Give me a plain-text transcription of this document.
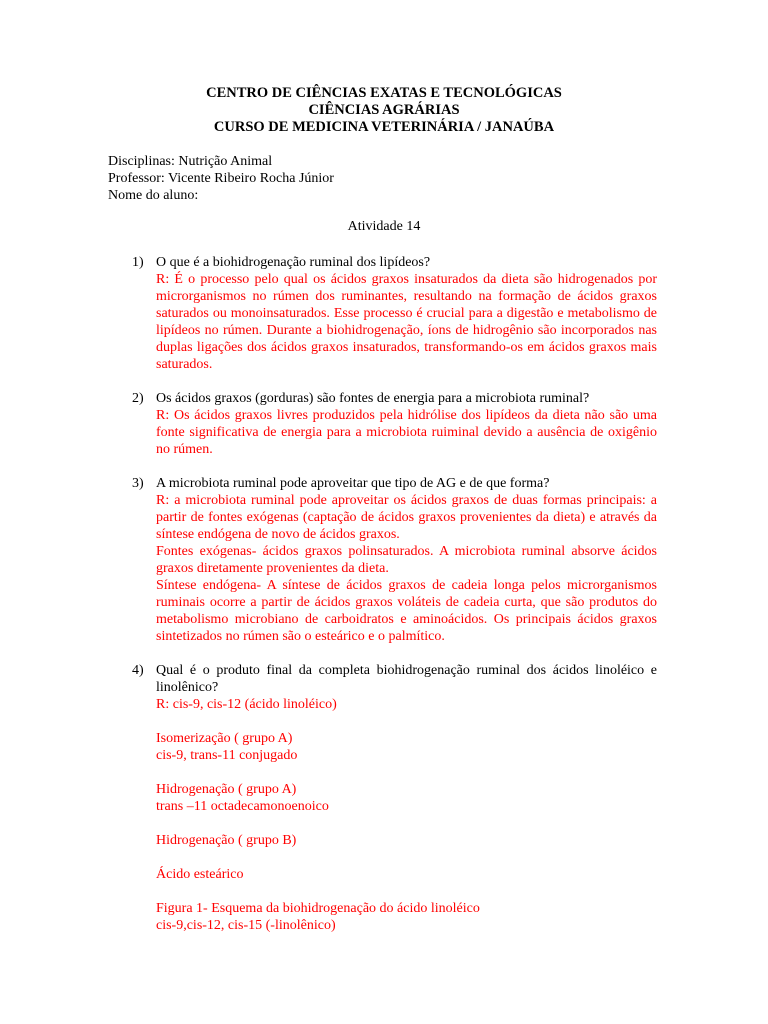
CENTRO DE CIÊNCIAS EXATAS E TECNOLÓGICAS
CIÊNCIAS AGRÁRIAS
CURSO DE MEDICINA VETERINÁRIA / JANAÚBA
Disciplinas: Nutrição Animal
Professor: Vicente Ribeiro Rocha Júnior
Nome do aluno:
Atividade 14
1) O que é a biohidrogenação ruminal dos lipídeos?
R: É o processo pelo qual os ácidos graxos insaturados da dieta são hidrogenados por microrganismos no rúmen dos ruminantes, resultando na formação de ácidos graxos saturados ou monoinsaturados. Esse processo é crucial para a digestão e metabolismo de lipídeos no rúmen. Durante a biohidrogenação, íons de hidrogênio são incorporados nas duplas ligações dos ácidos graxos insaturados, transformando-os em ácidos graxos mais saturados.
2) Os ácidos graxos (gorduras) são fontes de energia para a microbiota ruminal?
R: Os ácidos graxos livres produzidos pela hidrólise dos lipídeos da dieta não são uma fonte significativa de energia para a microbiota ruiminal devido a ausência de oxigênio no rúmen.
3) A microbiota ruminal pode aproveitar que tipo de AG e de que forma?
R: a microbiota ruminal pode aproveitar os ácidos graxos de duas formas principais: a partir de fontes exógenas (captação de ácidos graxos provenientes da dieta) e através da síntese endógena de novo de ácidos graxos.
Fontes exógenas- ácidos graxos polinsaturados. A microbiota ruminal absorve ácidos graxos diretamente provenientes da dieta.
Síntese endógena- A síntese de ácidos graxos de cadeia longa pelos microrganismos ruminais ocorre a partir de ácidos graxos voláteis de cadeia curta, que são produtos do metabolismo microbiano de carboidratos e aminoácidos. Os principais ácidos graxos sintetizados no rúmen são o esteárico e o palmítico.
4) Qual é o produto final da completa biohidrogenação ruminal dos ácidos linoléico e linolênico?
R: cis-9, cis-12 (ácido linoléico)
Isomerização ( grupo A)
cis-9, trans-11 conjugado
Hidrogenação ( grupo A)
trans –11 octadecamonoenoico
Hidrogenação ( grupo B)
Ácido esteárico
Figura 1- Esquema da biohidrogenação do ácido linoléico
cis-9,cis-12, cis-15 (-linolênico)
